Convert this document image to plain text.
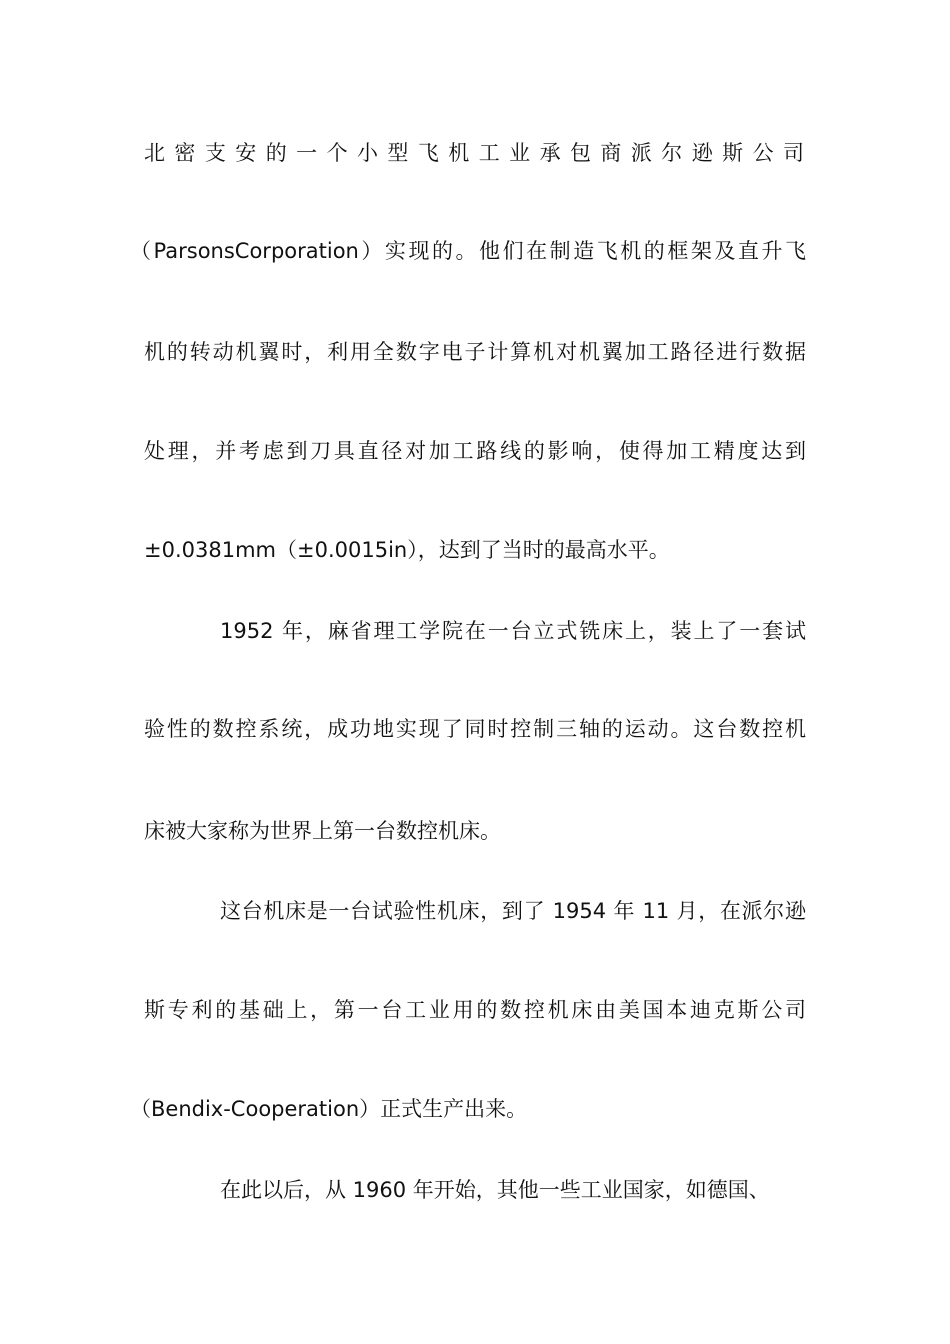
北密支安的一个小型飞机工业承包商派尔逊斯公司
（ParsonsCorporation）实现的。他们在制造飞机的框架及直升飞
机的转动机翼时，利用全数字电子计算机对机翼加工路径进行数据
处理，并考虑到刀具直径对加工路线的影响，使得加工精度达到
±0.0381mm（±0.0015in），达到了当时的最高水平。
1952 年，麻省理工学院在一台立式铣床上，装上了一套试
验性的数控系统，成功地实现了同时控制三轴的运动。这台数控机
床被大家称为世界上第一台数控机床。
这台机床是一台试验性机床，到了 1954 年 11 月，在派尔逊
斯专利的基础上，第一台工业用的数控机床由美国本迪克斯公司
（Bendix-Cooperation）正式生产出来。
在此以后，从 1960 年开始，其他一些工业国家，如德国、
